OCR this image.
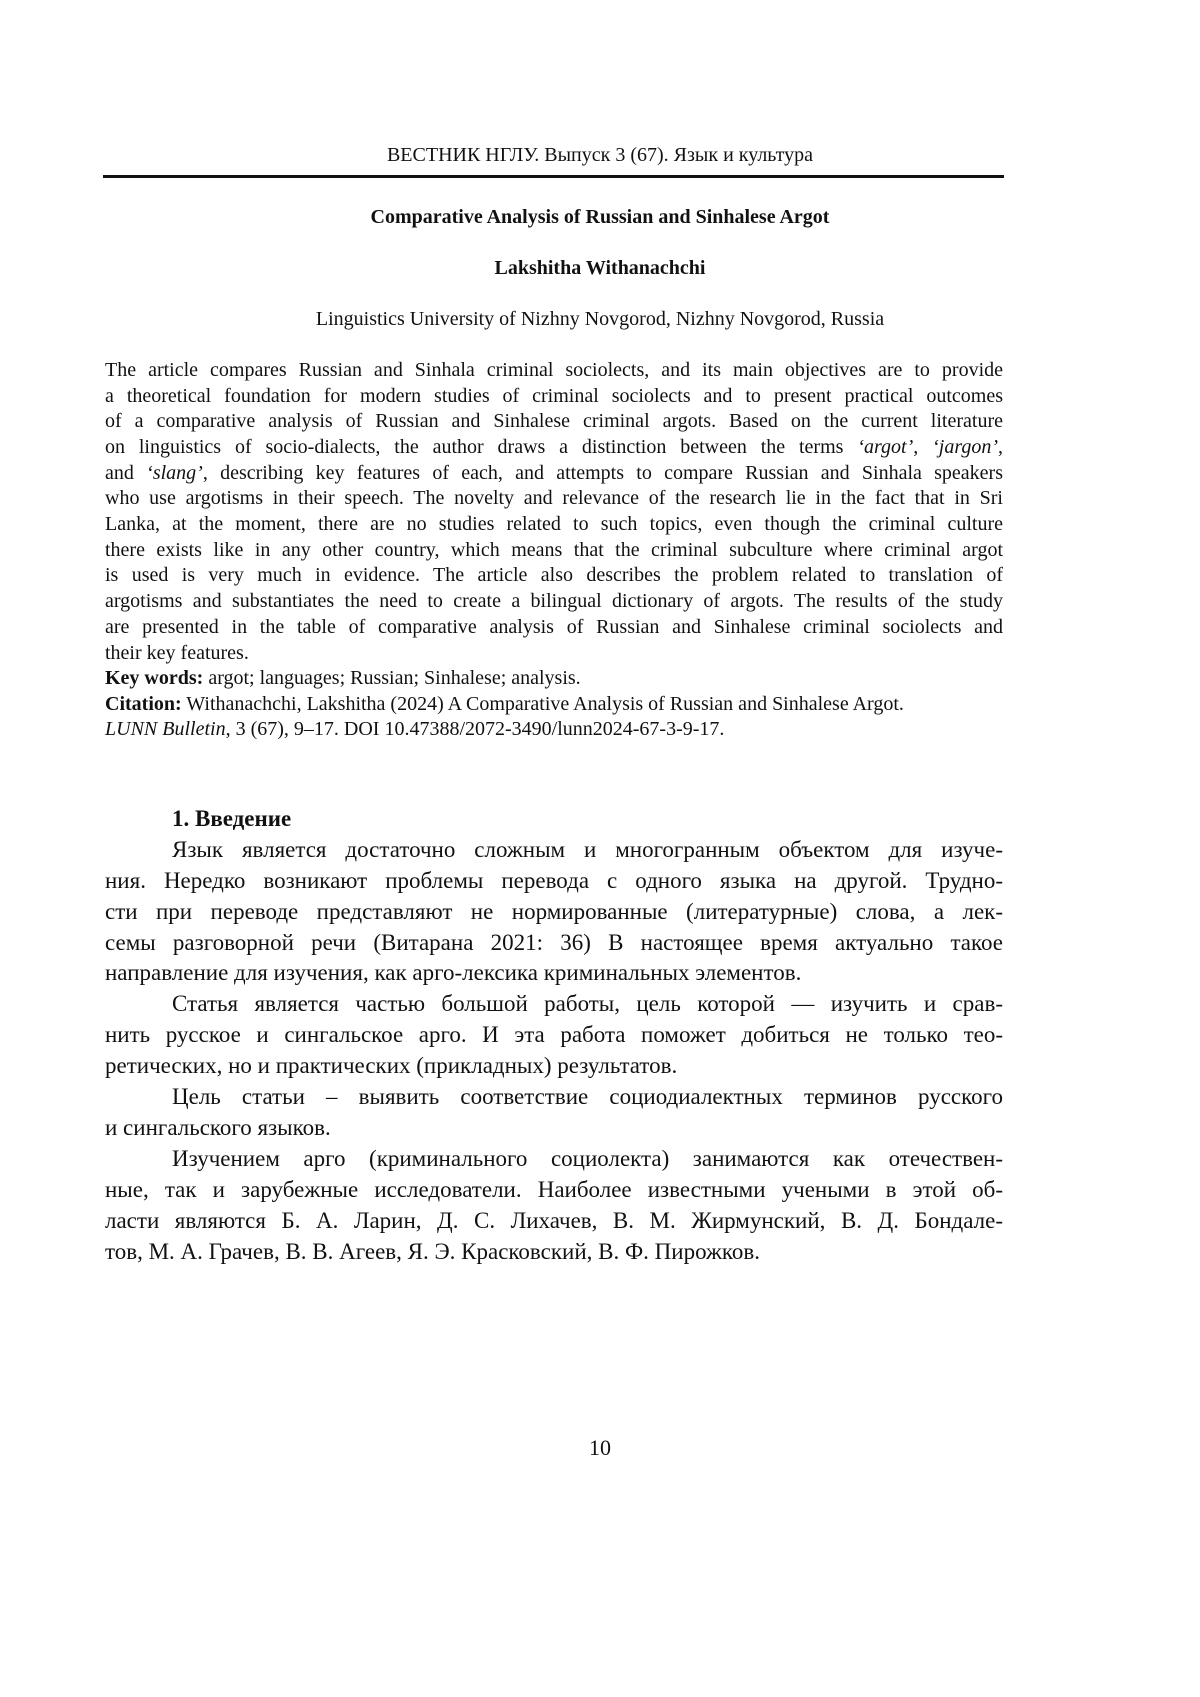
ВЕСТНИК НГЛУ. Выпуск 3 (67). Язык и культура
Comparative Analysis of Russian and Sinhalese Argot
Lakshitha Withanachchi
Linguistics University of Nizhny Novgorod, Nizhny Novgorod, Russia
The article compares Russian and Sinhala criminal sociolects, and its main objectives are to provide
a theoretical foundation for modern studies of criminal sociolects and to present practical outcomes
of a comparative analysis of Russian and Sinhalese criminal argots. Based on the current literature
on linguistics of socio-dialects, the author draws a distinction between the terms ‘argot’, ‘jargon’,
and ‘slang’, describing key features of each, and attempts to compare Russian and Sinhala speakers
who use argotisms in their speech. The novelty and relevance of the research lie in the fact that in Sri
Lanka, at the moment, there are no studies related to such topics, even though the criminal culture
there exists like in any other country, which means that the criminal subculture where criminal argot
is used is very much in evidence. The article also describes the problem related to translation of
argotisms and substantiates the need to create a bilingual dictionary of argots. The results of the study
are presented in the table of comparative analysis of Russian and Sinhalese criminal sociolects and
their key features.
Key words: argot; languages; Russian; Sinhalese; analysis.
Citation: Withanachchi, Lakshitha (2024) A Comparative Analysis of Russian and Sinhalese Argot.
LUNN Bulletin, 3 (67), 9–17. DOI 10.47388/2072-3490/lunn2024-67-3-9-17.
1. Введение
Язык является достаточно сложным и многогранным объектом для изуче-
ния. Нередко возникают проблемы перевода с одного языка на другой. Трудно-
сти при переводе представляют не нормированные (литературные) слова, а лек-
семы разговорной речи (Витарана 2021: 36) В настоящее время актуально такое
направление для изучения, как арго-лексика криминальных элементов.
Статья является частью большой работы, цель которой — изучить и срав-
нить русское и сингальское арго. И эта работа поможет добиться не только тео-
ретических, но и практических (прикладных) результатов.
Цель статьи – выявить соответствие социодиалектных терминов русского
и сингальского языков.
Изучением арго (криминального социолекта) занимаются как отечествен-
ные, так и зарубежные исследователи. Наиболее известными учеными в этой об-
ласти являются Б. А. Ларин, Д. С. Лихачев, В. М. Жирмунский, В. Д. Бондале-
тов, М. А. Грачев, В. В. Агеев, Я. Э. Красковский, В. Ф. Пирожков.
10
